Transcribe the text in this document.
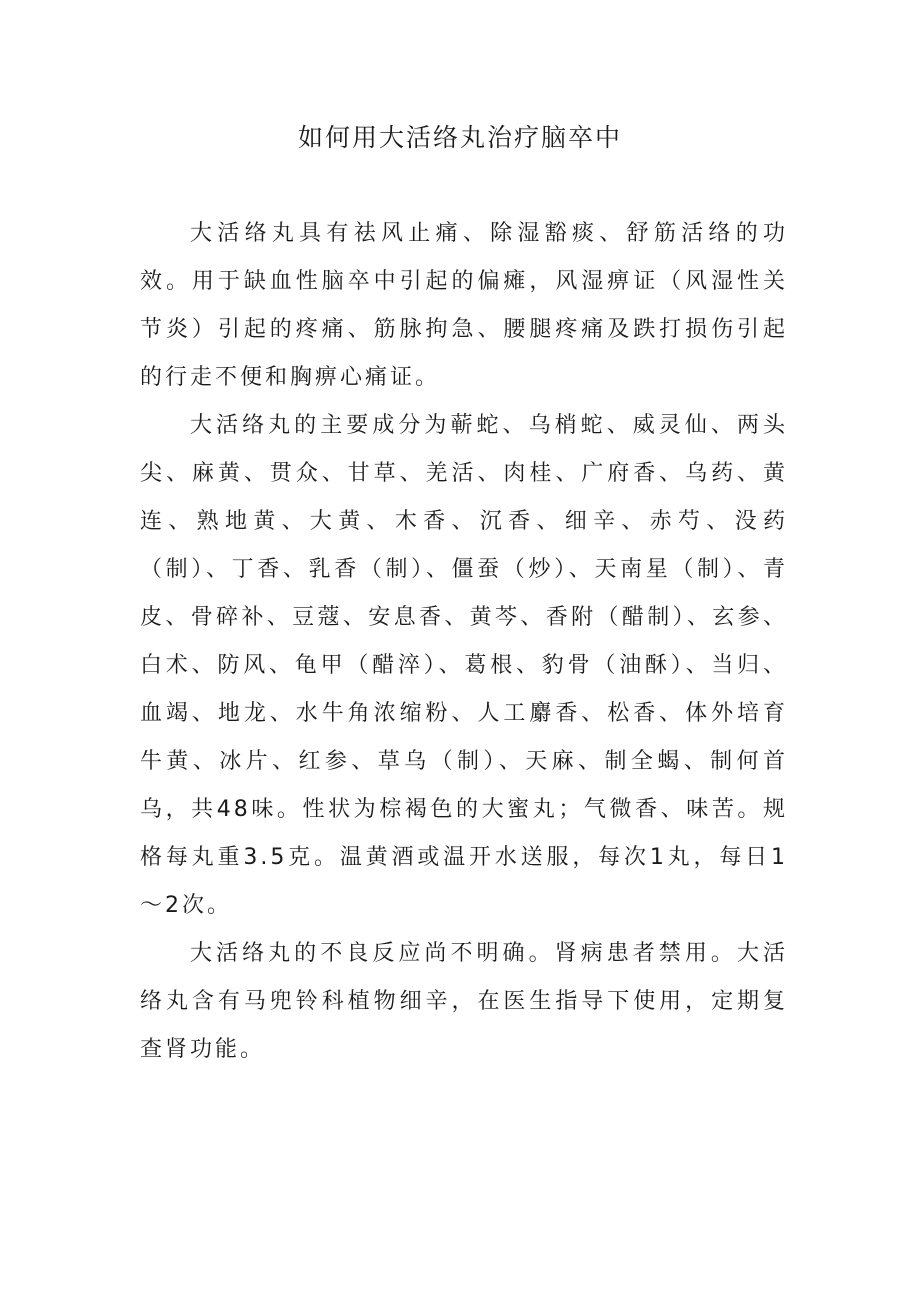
如何用大活络丸治疗脑卒中

大活络丸具有祛风止痛、除湿豁痰、舒筋活络的功效。用于缺血性脑卒中引起的偏瘫，风湿痹证（风湿性关节炎）引起的疼痛、筋脉拘急、腰腿疼痛及跌打损伤引起的行走不便和胸痹心痛证。

大活络丸的主要成分为蕲蛇、乌梢蛇、威灵仙、两头尖、麻黄、贯众、甘草、羌活、肉桂、广府香、乌药、黄连、熟地黄、大黄、木香、沉香、细辛、赤芍、没药（制）、丁香、乳香（制）、僵蚕（炒）、天南星（制）、青皮、骨碎补、豆蔻、安息香、黄芩、香附（醋制）、玄参、白术、防风、龟甲（醋淬）、葛根、豹骨（油酥）、当归、血竭、地龙、水牛角浓缩粉、人工麝香、松香、体外培育牛黄、冰片、红参、草乌（制）、天麻、制全蝎、制何首乌，共48味。性状为棕褐色的大蜜丸；气微香、味苦。规格每丸重3.5克。温黄酒或温开水送服，每次1丸，每日1～2次。

大活络丸的不良反应尚不明确。肾病患者禁用。大活络丸含有马兜铃科植物细辛，在医生指导下使用，定期复查肾功能。
